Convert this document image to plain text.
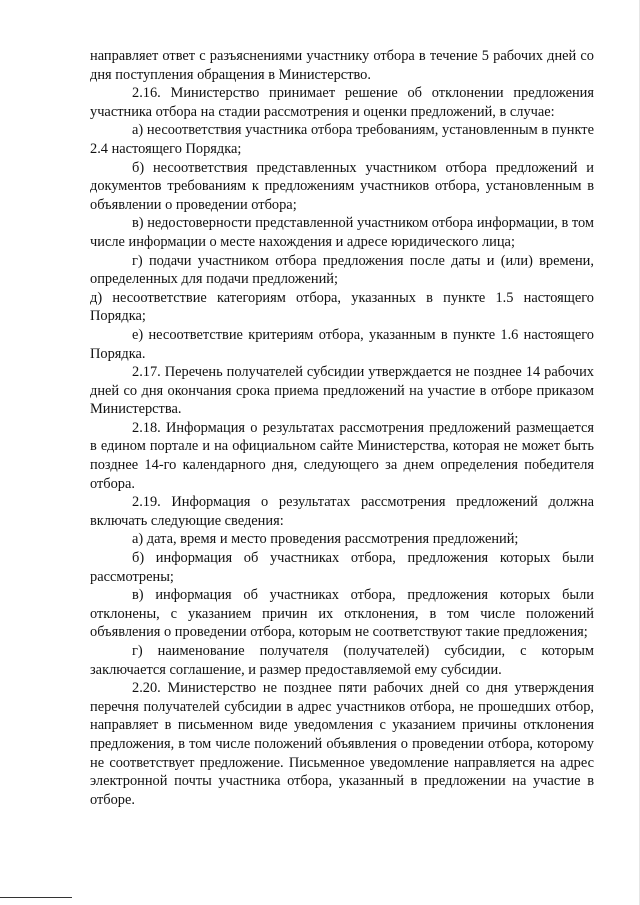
направляет ответ с разъяснениями участнику отбора в течение 5 рабочих дней со дня поступления обращения в Министерство.

2.16. Министерство принимает решение об отклонении предложения участника отбора на стадии рассмотрения и оценки предложений, в случае:

а) несоответствия участника отбора требованиям, установленным в пункте 2.4 настоящего Порядка;

б) несоответствия представленных участником отбора предложений и документов требованиям к предложениям участников отбора, установленным в объявлении о проведении отбора;

в) недостоверности представленной участником отбора информации, в том числе информации о месте нахождения и адресе юридического лица;

г) подачи участником отбора предложения после даты и (или) времени, определенных для подачи предложений;

д) несоответствие категориям отбора, указанных в пункте 1.5 настоящего Порядка;

е) несоответствие критериям отбора, указанным в пункте 1.6 настоящего Порядка.

2.17. Перечень получателей субсидии утверждается не позднее 14 рабочих дней со дня окончания срока приема предложений на участие в отборе приказом Министерства.

2.18. Информация о результатах рассмотрения предложений размещается в едином портале и на официальном сайте Министерства, которая не может быть позднее 14-го календарного дня, следующего за днем определения победителя отбора.

2.19. Информация о результатах рассмотрения предложений должна включать следующие сведения:

а) дата, время и место проведения рассмотрения предложений;

б) информация об участниках отбора, предложения которых были рассмотрены;

в) информация об участниках отбора, предложения которых были отклонены, с указанием причин их отклонения, в том числе положений объявления о проведении отбора, которым не соответствуют такие предложения;

г) наименование получателя (получателей) субсидии, с которым заключается соглашение, и размер предоставляемой ему субсидии.

2.20. Министерство не позднее пяти рабочих дней со дня утверждения перечня получателей субсидии в адрес участников отбора, не прошедших отбор, направляет в письменном виде уведомления с указанием причины отклонения предложения, в том числе положений объявления о проведении отбора, которому не соответствует предложение. Письменное уведомление направляется на адрес электронной почты участника отбора, указанный в предложении на участие в отборе.
